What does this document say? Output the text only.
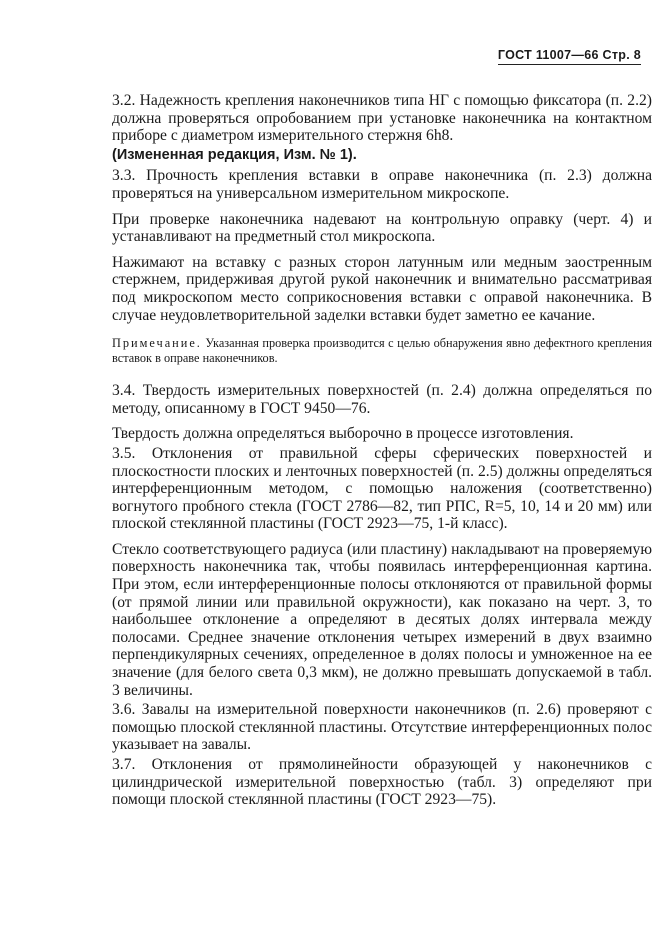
ГОСТ 11007—66 Стр. 8

3.2. Надежность крепления наконечников типа НГ с помощью фиксатора (п. 2.2) должна проверяться опробованием при установке наконечника на контактном приборе с диаметром измерительного стержня 6h8.

(Измененная редакция, Изм. № 1).

3.3. Прочность крепления вставки в оправе наконечника (п. 2.3) должна проверяться на универсальном измерительном микроскопе.

При проверке наконечника надевают на контрольную оправку (черт. 4) и устанавливают на предметный стол микроскопа.

Нажимают на вставку с разных сторон латунным или медным заостренным стержнем, придерживая другой рукой наконечник и внимательно рассматривая под микроскопом место соприкосновения вставки с оправой наконечника. В случае неудовлетворительной заделки вставки будет заметно ее качание.

Примечание. Указанная проверка производится с целью обнаружения явно дефектного крепления вставок в оправе наконечников.

3.4. Твердость измерительных поверхностей (п. 2.4) должна определяться по методу, описанному в ГОСТ 9450—76.

Твердость должна определяться выборочно в процессе изготовления.

3.5. Отклонения от правильной сферы сферических поверхностей и плоскостности плоских и ленточных поверхностей (п. 2.5) должны определяться интерференционным методом, с помощью наложения (соответственно) вогнутого пробного стекла (ГОСТ 2786—82, тип РПС, R=5, 10, 14 и 20 мм) или плоской стеклянной пластины (ГОСТ 2923—75, 1-й класс).

Стекло соответствующего радиуса (или пластину) накладывают на проверяемую поверхность наконечника так, чтобы появилась интерференционная картина. При этом, если интерференционные полосы отклоняются от правильной формы (от прямой линии или правильной окружности), как показано на черт. 3, то наибольшее отклонение а определяют в десятых долях интервала между полосами. Среднее значение отклонения четырех измерений в двух взаимно перпендикулярных сечениях, определенное в долях полосы и умноженное на ее значение (для белого света 0,3 мкм), не должно превышать допускаемой в табл. 3 величины.

3.6. Завалы на измерительной поверхности наконечников (п. 2.6) проверяют с помощью плоской стеклянной пластины. Отсутствие интерференционных полос указывает на завалы.

3.7. Отклонения от прямолинейности образующей у наконечников с цилиндрической измерительной поверхностью (табл. 3) определяют при помощи плоской стеклянной пластины (ГОСТ 2923—75).
